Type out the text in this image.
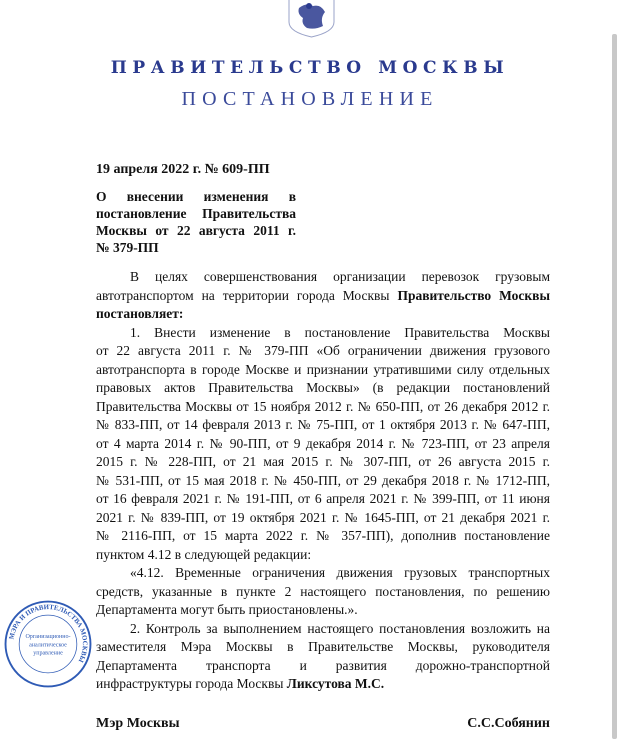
ПРАВИТЕЛЬСТВО МОСКВЫ
ПОСТАНОВЛЕНИЕ
19 апреля 2022 г. № 609-ПП
О внесении изменения в
постановление Правительства
Москвы от 22 августа 2011 г.
№ 379-ПП
В целях совершенствования организации перевозок грузовым
автотранспортом на территории города Москвы Правительство Москвы
постановляет:
1. Внести изменение в постановление Правительства Москвы
от 22 августа 2011 г. № 379-ПП «Об ограничении движения грузового
автотранспорта в городе Москве и признании утратившими силу отдельных
правовых актов Правительства Москвы» (в редакции постановлений
Правительства Москвы от 15 ноября 2012 г. № 650-ПП, от 26 декабря 2012 г.
№ 833-ПП, от 14 февраля 2013 г. № 75-ПП, от 1 октября 2013 г. № 647-ПП,
от 4 марта 2014 г. № 90-ПП, от 9 декабря 2014 г. № 723-ПП, от 23 апреля
2015 г. № 228-ПП, от 21 мая 2015 г. № 307-ПП, от 26 августа 2015 г.
№ 531-ПП, от 15 мая 2018 г. № 450-ПП, от 29 декабря 2018 г. № 1712-ПП,
от 16 февраля 2021 г. № 191-ПП, от 6 апреля 2021 г. № 399-ПП, от 11 июня
2021 г. № 839-ПП, от 19 октября 2021 г. № 1645-ПП, от 21 декабря 2021 г.
№ 2116-ПП, от 15 марта 2022 г. № 357-ПП), дополнив постановление
пунктом 4.12 в следующей редакции:
«4.12. Временные ограничения движения грузовых транспортных
средств, указанные в пункте 2 настоящего постановления, по решению
Департамента могут быть приостановлены.».
2. Контроль за выполнением настоящего постановления возложить на
заместителя Мэра Москвы в Правительстве Москвы, руководителя
Департамента транспорта и развития дорожно-транспортной
инфраструктуры города Москвы Ликсутова М.С.
МЭРА И ПРАВИТЕЛЬСТВА МОСКВЫ
Организационно-
аналитическое
управление
Мэр Москвы	С.С.Собянин
